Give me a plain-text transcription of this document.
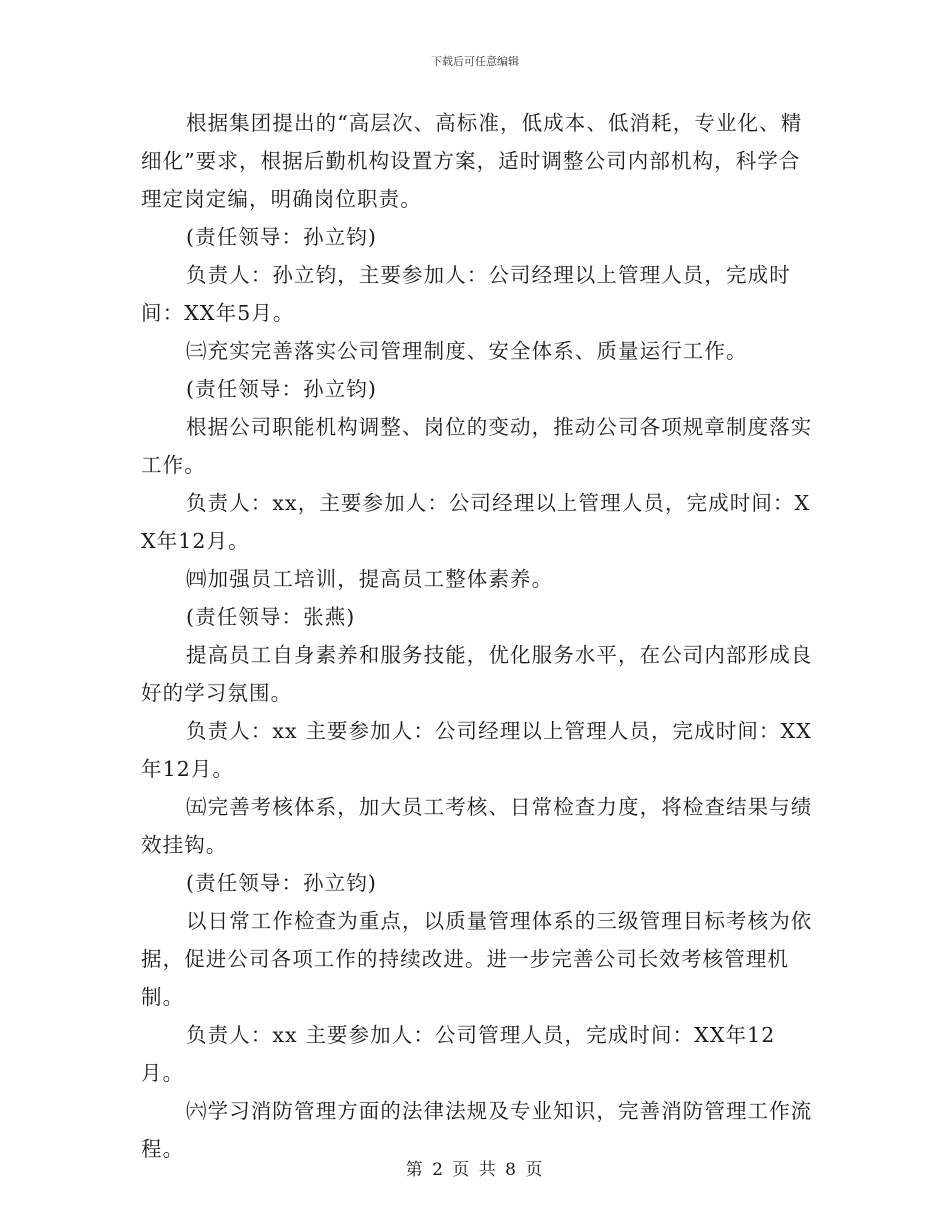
下载后可任意编辑

根据集团提出的“高层次、高标准，低成本、低消耗，专业化、精细化”要求，根据后勤机构设置方案，适时调整公司内部机构，科学合理定岗定编，明确岗位职责。

(责任领导：孙立钧)

负责人：孙立钧，主要参加人：公司经理以上管理人员，完成时间：XX年5月。

㈢充实完善落实公司管理制度、安全体系、质量运行工作。

(责任领导：孙立钧)

根据公司职能机构调整、岗位的变动，推动公司各项规章制度落实工作。

负责人：xx，主要参加人：公司经理以上管理人员，完成时间：XX年12月。

㈣加强员工培训，提高员工整体素养。

(责任领导：张燕)

提高员工自身素养和服务技能，优化服务水平，在公司内部形成良好的学习氛围。

负责人：xx 主要参加人：公司经理以上管理人员，完成时间：XX年12月。

㈤完善考核体系，加大员工考核、日常检查力度，将检查结果与绩效挂钩。

(责任领导：孙立钧)

以日常工作检查为重点，以质量管理体系的三级管理目标考核为依据，促进公司各项工作的持续改进。进一步完善公司长效考核管理机制。

负责人：xx 主要参加人：公司管理人员，完成时间：XX年12月。

㈥学习消防管理方面的法律法规及专业知识，完善消防管理工作流程。

第 2 页 共 8 页
